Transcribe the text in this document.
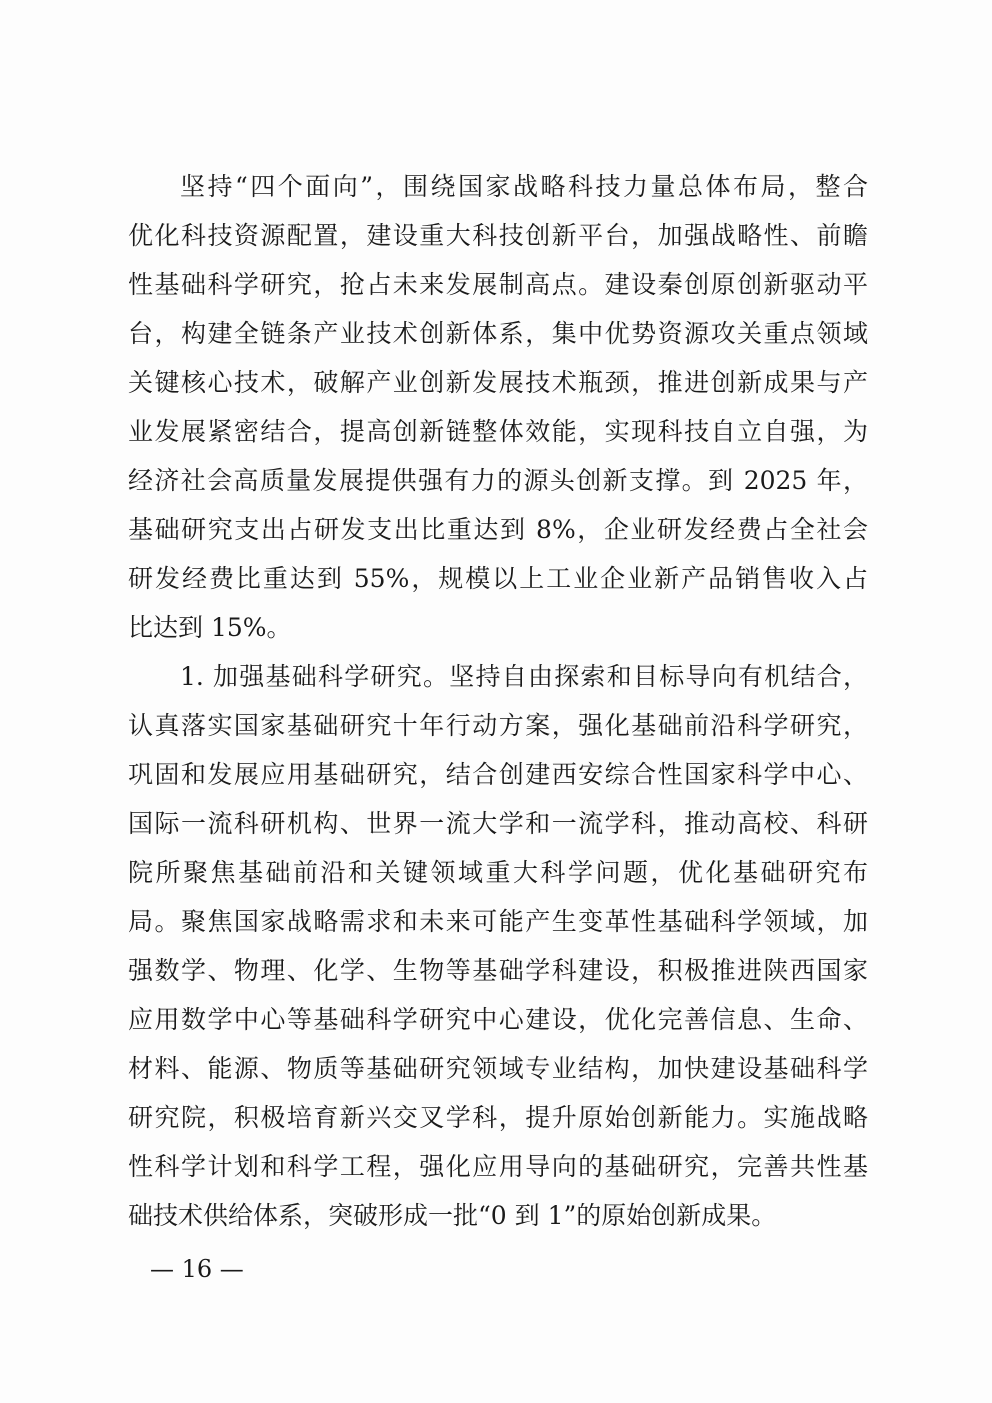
坚持“四个面向”，围绕国家战略科技力量总体布局，整合
优化科技资源配置，建设重大科技创新平台，加强战略性、前瞻
性基础科学研究，抢占未来发展制高点。建设秦创原创新驱动平
台，构建全链条产业技术创新体系，集中优势资源攻关重点领域
关键核心技术，破解产业创新发展技术瓶颈，推进创新成果与产
业发展紧密结合，提高创新链整体效能，实现科技自立自强，为
经济社会高质量发展提供强有力的源头创新支撑。到 2025 年，
基础研究支出占研发支出比重达到 8%，企业研发经费占全社会
研发经费比重达到 55%，规模以上工业企业新产品销售收入占
比达到 15%。
1. 加强基础科学研究。坚持自由探索和目标导向有机结合，
认真落实国家基础研究十年行动方案，强化基础前沿科学研究，
巩固和发展应用基础研究，结合创建西安综合性国家科学中心、
国际一流科研机构、世界一流大学和一流学科，推动高校、科研
院所聚焦基础前沿和关键领域重大科学问题，优化基础研究布
局。聚焦国家战略需求和未来可能产生变革性基础科学领域，加
强数学、物理、化学、生物等基础学科建设，积极推进陕西国家
应用数学中心等基础科学研究中心建设，优化完善信息、生命、
材料、能源、物质等基础研究领域专业结构，加快建设基础科学
研究院，积极培育新兴交叉学科，提升原始创新能力。实施战略
性科学计划和科学工程，强化应用导向的基础研究，完善共性基
础技术供给体系，突破形成一批“0 到 1”的原始创新成果。
— 16 —
